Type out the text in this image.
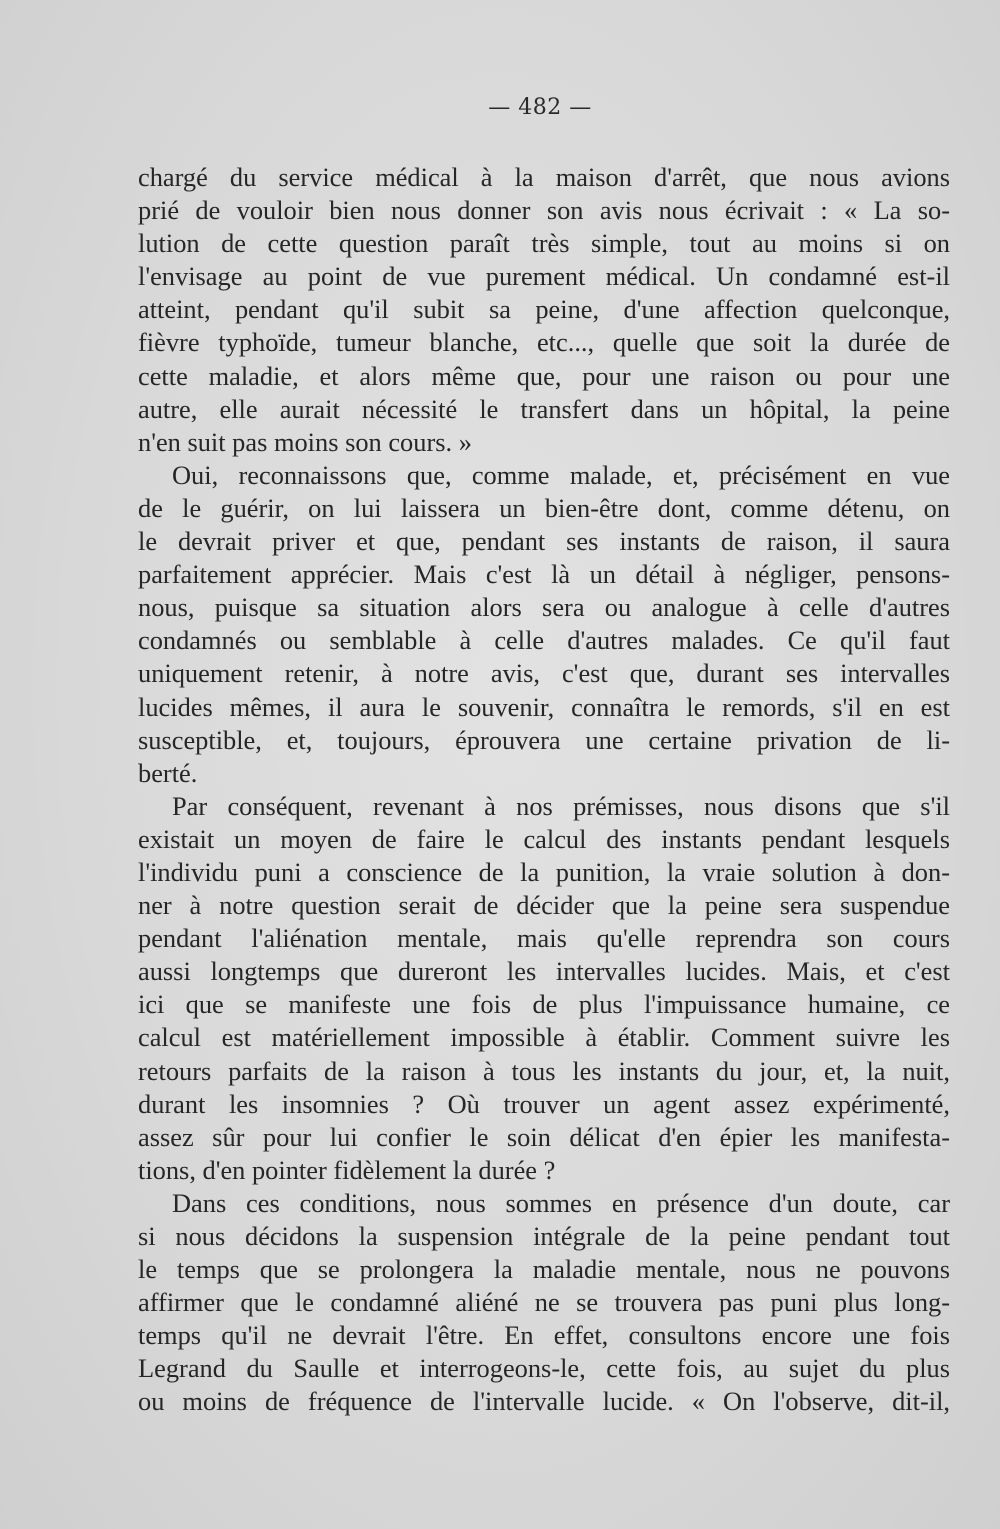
— 482 —
chargé du service médical à la maison d'arrêt, que nous avions
prié de vouloir bien nous donner son avis nous écrivait : « La so-
lution de cette question paraît très simple, tout au moins si on
l'envisage au point de vue purement médical. Un condamné est-il
atteint, pendant qu'il subit sa peine, d'une affection quelconque,
fièvre typhoïde, tumeur blanche, etc..., quelle que soit la durée de
cette maladie, et alors même que, pour une raison ou pour une
autre, elle aurait nécessité le transfert dans un hôpital, la peine
n'en suit pas moins son cours. »
Oui, reconnaissons que, comme malade, et, précisément en vue
de le guérir, on lui laissera un bien-être dont, comme détenu, on
le devrait priver et que, pendant ses instants de raison, il saura
parfaitement apprécier. Mais c'est là un détail à négliger, pensons-
nous, puisque sa situation alors sera ou analogue à celle d'autres
condamnés ou semblable à celle d'autres malades. Ce qu'il faut
uniquement retenir, à notre avis, c'est que, durant ses intervalles
lucides mêmes, il aura le souvenir, connaîtra le remords, s'il en est
susceptible, et, toujours, éprouvera une certaine privation de li-
berté.
Par conséquent, revenant à nos prémisses, nous disons que s'il
existait un moyen de faire le calcul des instants pendant lesquels
l'individu puni a conscience de la punition, la vraie solution à don-
ner à notre question serait de décider que la peine sera suspendue
pendant l'aliénation mentale, mais qu'elle reprendra son cours
aussi longtemps que dureront les intervalles lucides. Mais, et c'est
ici que se manifeste une fois de plus l'impuissance humaine, ce
calcul est matériellement impossible à établir. Comment suivre les
retours parfaits de la raison à tous les instants du jour, et, la nuit,
durant les insomnies ? Où trouver un agent assez expérimenté,
assez sûr pour lui confier le soin délicat d'en épier les manifesta-
tions, d'en pointer fidèlement la durée ?
Dans ces conditions, nous sommes en présence d'un doute, car
si nous décidons la suspension intégrale de la peine pendant tout
le temps que se prolongera la maladie mentale, nous ne pouvons
affirmer que le condamné aliéné ne se trouvera pas puni plus long-
temps qu'il ne devrait l'être. En effet, consultons encore une fois
Legrand du Saulle et interrogeons-le, cette fois, au sujet du plus
ou moins de fréquence de l'intervalle lucide. « On l'observe, dit-il,
